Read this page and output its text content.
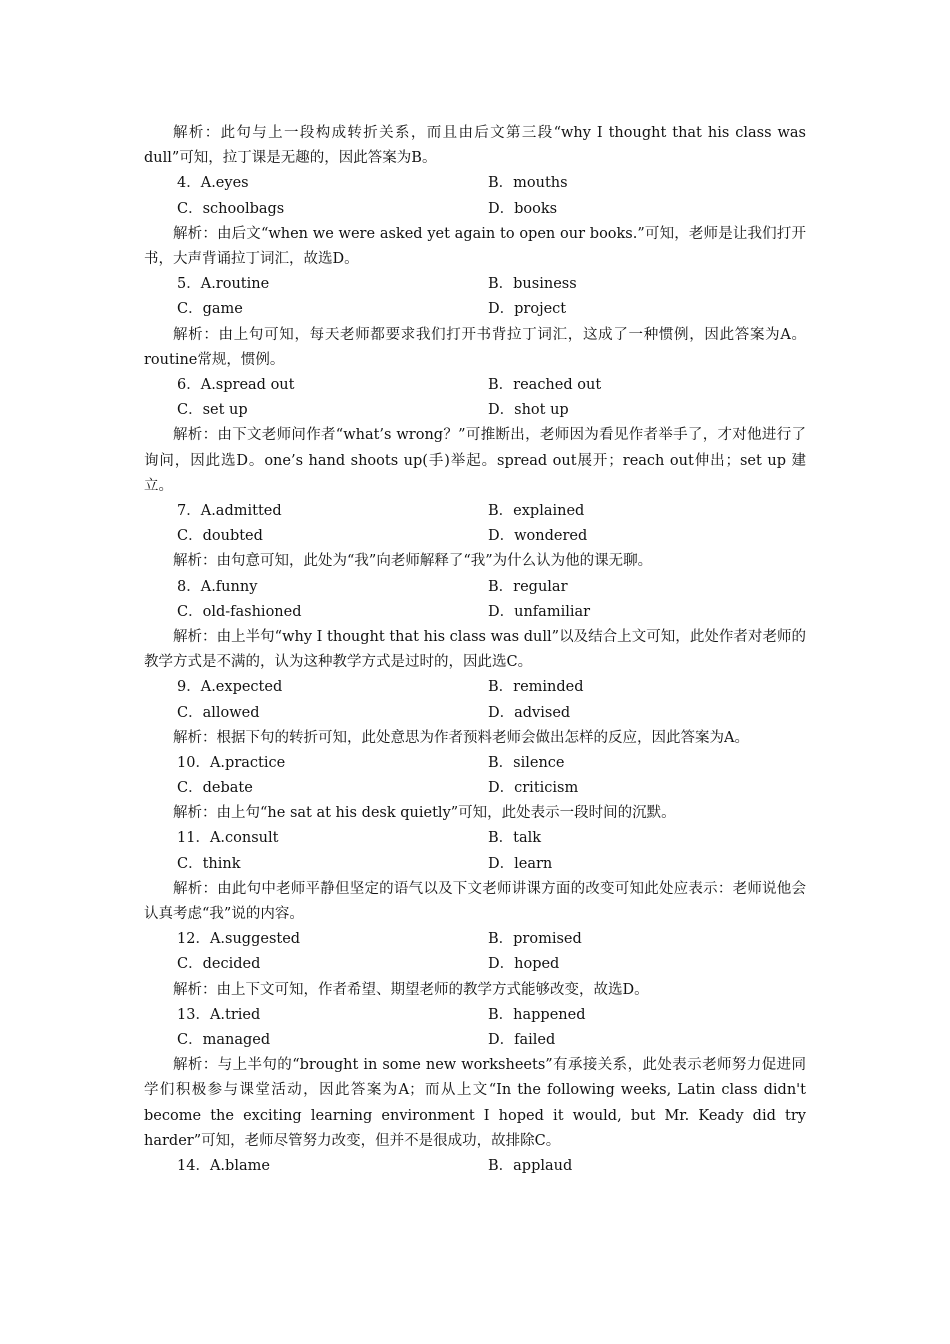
解析：此句与上一段构成转折关系，而且由后文第三段“why I thought that his class was dull”可知，拉丁课是无趣的，因此答案为B。
4．A.eyes	B．mouths
C．schoolbags	D．books
解析：由后文“when we were asked yet again to open our books.”可知，老师是让我们打开书，大声背诵拉丁词汇，故选D。
5．A.routine	B．business
C．game	D．project
解析：由上句可知，每天老师都要求我们打开书背拉丁词汇，这成了一种惯例，因此答案为A。routine常规，惯例。
6．A.spread out	B．reached out
C．set up	D．shot up
解析：由下文老师问作者“what’s wrong？”可推断出，老师因为看见作者举手了，才对他进行了询问，因此选D。one’s hand shoots up(手)举起。spread out展开；reach out伸出；set up 建立。
7．A.admitted	B．explained
C．doubted	D．wondered
解析：由句意可知，此处为“我”向老师解释了“我”为什么认为他的课无聊。
8．A.funny	B．regular
C．old-fashioned	D．unfamiliar
解析：由上半句“why I thought that his class was dull”以及结合上文可知，此处作者对老师的教学方式是不满的，认为这种教学方式是过时的，因此选C。
9．A.expected	B．reminded
C．allowed	D．advised
解析：根据下句的转折可知，此处意思为作者预料老师会做出怎样的反应，因此答案为A。
10．A.practice	B．silence
C．debate	D．criticism
解析：由上句“he sat at his desk quietly”可知，此处表示一段时间的沉默。
11．A.consult	B．talk
C．think	D．learn
解析：由此句中老师平静但坚定的语气以及下文老师讲课方面的改变可知此处应表示：老师说他会认真考虑“我”说的内容。
12．A.suggested	B．promised
C．decided	D．hoped
解析：由上下文可知，作者希望、期望老师的教学方式能够改变，故选D。
13．A.tried	B．happened
C．managed	D．failed
解析：与上半句的“brought in some new worksheets”有承接关系，此处表示老师努力促进同学们积极参与课堂活动，因此答案为A；而从上文“In the following weeks, Latin class didn't become the exciting learning environment I hoped it would, but Mr. Keady did try harder”可知，老师尽管努力改变，但并不是很成功，故排除C。
14．A.blame	B．applaud
